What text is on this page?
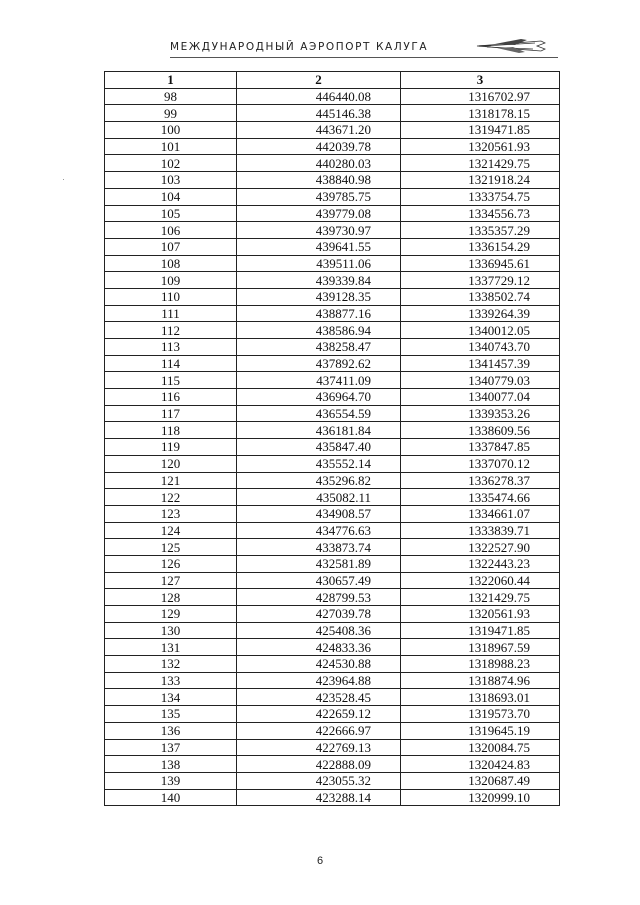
МЕЖДУНАРОДНЫЙ АЭРОПОРТ КАЛУГА
1	2	3
98	446440.08	1316702.97
99	445146.38	1318178.15
100	443671.20	1319471.85
101	442039.78	1320561.93
102	440280.03	1321429.75
103	438840.98	1321918.24
104	439785.75	1333754.75
105	439779.08	1334556.73
106	439730.97	1335357.29
107	439641.55	1336154.29
108	439511.06	1336945.61
109	439339.84	1337729.12
110	439128.35	1338502.74
111	438877.16	1339264.39
112	438586.94	1340012.05
113	438258.47	1340743.70
114	437892.62	1341457.39
115	437411.09	1340779.03
116	436964.70	1340077.04
117	436554.59	1339353.26
118	436181.84	1338609.56
119	435847.40	1337847.85
120	435552.14	1337070.12
121	435296.82	1336278.37
122	435082.11	1335474.66
123	434908.57	1334661.07
124	434776.63	1333839.71
125	433873.74	1322527.90
126	432581.89	1322443.23
127	430657.49	1322060.44
128	428799.53	1321429.75
129	427039.78	1320561.93
130	425408.36	1319471.85
131	424833.36	1318967.59
132	424530.88	1318988.23
133	423964.88	1318874.96
134	423528.45	1318693.01
135	422659.12	1319573.70
136	422666.97	1319645.19
137	422769.13	1320084.75
138	422888.09	1320424.83
139	423055.32	1320687.49
140	423288.14	1320999.10
6
